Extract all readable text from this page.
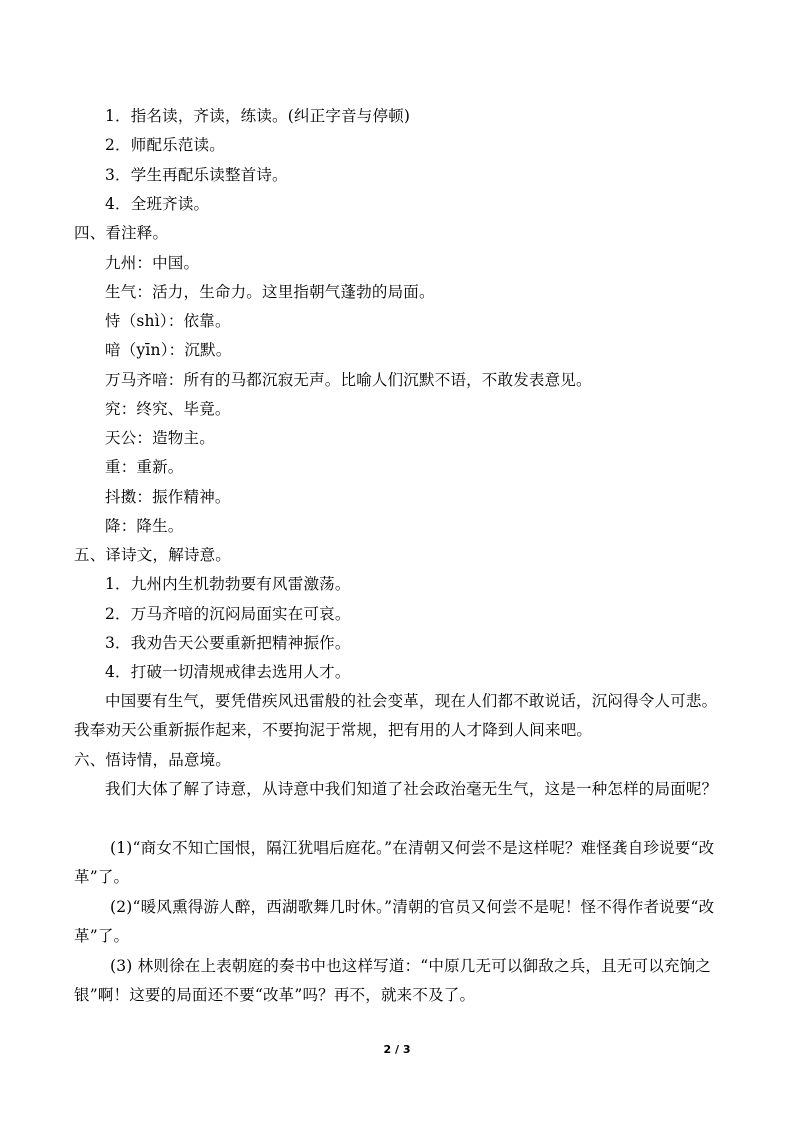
1．指名读，齐读，练读。(纠正字音与停顿)
2．师配乐范读。
3．学生再配乐读整首诗。
4．全班齐读。
四、看注释。
九州：中国。
生气：活力，生命力。这里指朝气蓬勃的局面。
恃（shì）：依靠。
喑（yīn）：沉默。
万马齐喑：所有的马都沉寂无声。比喻人们沉默不语，不敢发表意见。
究：终究、毕竟。
天公：造物主。
重：重新。
抖擞：振作精神。
降：降生。
五、译诗文，解诗意。
1．九州内生机勃勃要有风雷激荡。
2．万马齐喑的沉闷局面实在可哀。
3．我劝告天公要重新把精神振作。
4．打破一切清规戒律去选用人才。
中国要有生气，要凭借疾风迅雷般的社会变革，现在人们都不敢说话，沉闷得令人可悲。我奉劝天公重新振作起来，不要拘泥于常规，把有用的人才降到人间来吧。
六、悟诗情，品意境。
我们大体了解了诗意，从诗意中我们知道了社会政治毫无生气，这是一种怎样的局面呢？
(1)“商女不知亡国恨，隔江犹唱后庭花。”在清朝又何尝不是这样呢？难怪龚自珍说要“改革”了。
(2)“暖风熏得游人醉，西湖歌舞几时休。”清朝的官员又何尝不是呢！怪不得作者说要“改革”了。
(3) 林则徐在上表朝庭的奏书中也这样写道：“中原几无可以御敌之兵，且无可以充饷之银”啊！这要的局面还不要“改革”吗？再不，就来不及了。
2 / 3
